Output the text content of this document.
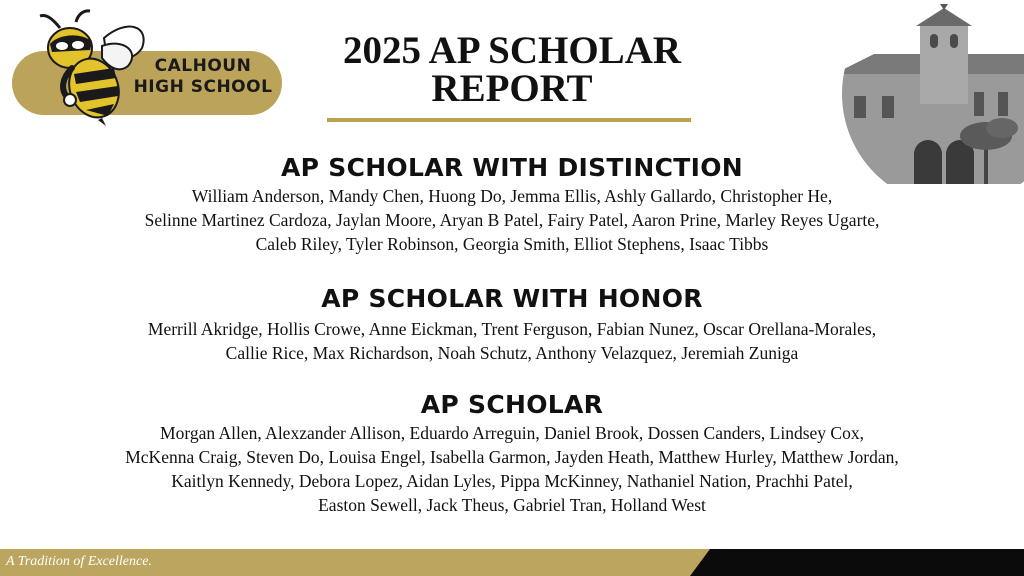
CALHOUN
HIGH SCHOOL
2025 AP SCHOLAR
REPORT
AP SCHOLAR WITH DISTINCTION
William Anderson, Mandy Chen, Huong Do, Jemma Ellis, Ashly Gallardo, Christopher He,
Selinne Martinez Cardoza, Jaylan Moore, Aryan B Patel, Fairy Patel, Aaron Prine, Marley Reyes Ugarte,
Caleb Riley, Tyler Robinson, Georgia Smith, Elliot Stephens, Isaac Tibbs
AP SCHOLAR WITH HONOR
Merrill Akridge, Hollis Crowe, Anne Eickman, Trent Ferguson, Fabian Nunez, Oscar Orellana-Morales,
Callie Rice, Max Richardson, Noah Schutz, Anthony Velazquez, Jeremiah Zuniga
AP SCHOLAR
Morgan Allen, Alexzander Allison, Eduardo Arreguin, Daniel Brook, Dossen Canders, Lindsey Cox,
McKenna Craig, Steven Do, Louisa Engel, Isabella Garmon, Jayden Heath, Matthew Hurley, Matthew Jordan,
Kaitlyn Kennedy, Debora Lopez, Aidan Lyles, Pippa McKinney, Nathaniel Nation, Prachhi Patel,
Easton Sewell, Jack Theus, Gabriel Tran, Holland West
A Tradition of Excellence.
